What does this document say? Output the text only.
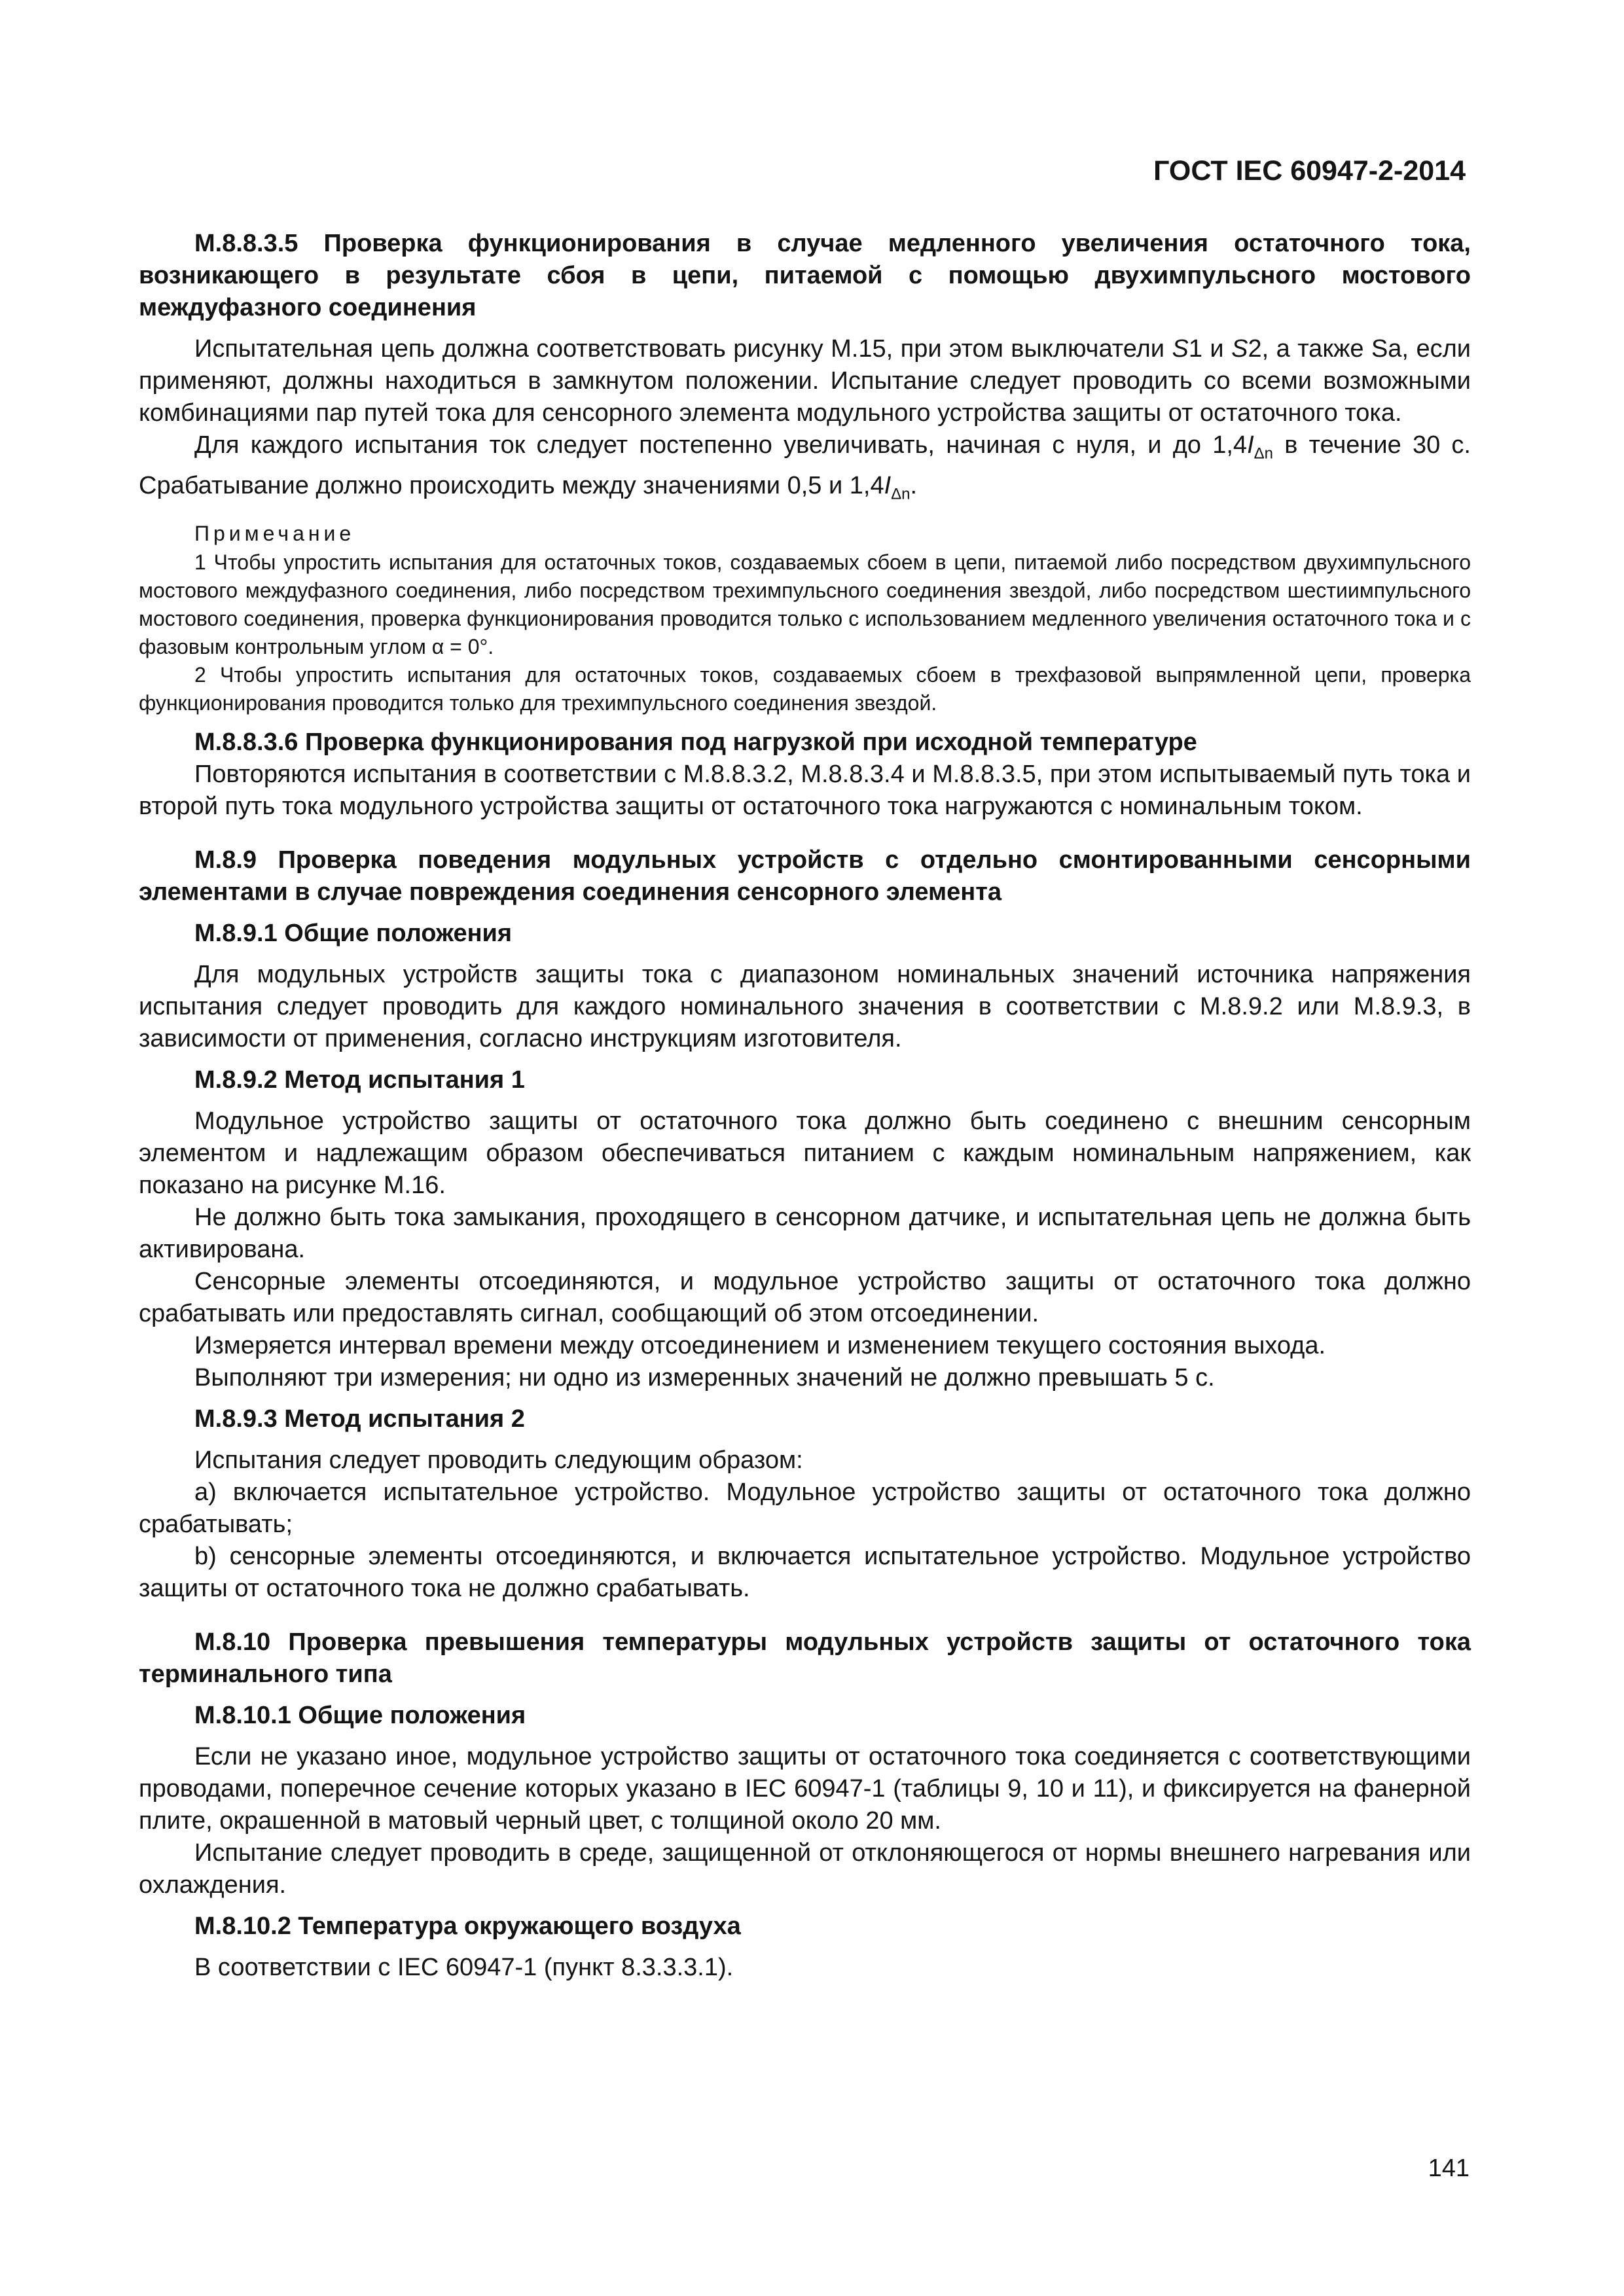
ГОСТ IEC 60947-2-2014

М.8.8.3.5 Проверка функционирования в случае медленного увеличения остаточного тока, возникающего в результате сбоя в цепи, питаемой с помощью двухимпульсного мостового междуфазного соединения

Испытательная цепь должна соответствовать рисунку М.15, при этом выключатели S1 и S2, а также Sa, если применяют, должны находиться в замкнутом положении. Испытание следует проводить со всеми возможными комбинациями пар путей тока для сенсорного элемента модульного устройства защиты от остаточного тока.

Для каждого испытания ток следует постепенно увеличивать, начиная с нуля, и до $1,4I_{\Delta n}$ в течение 30 с. Срабатывание должно происходить между значениями 0,5 и $1,4I_{\Delta n}$.

Примечание

1 Чтобы упростить испытания для остаточных токов, создаваемых сбоем в цепи, питаемой либо посредством двухимпульсного мостового междуфазного соединения, либо посредством трехимпульсного соединения звездой, либо посредством шестиимпульсного мостового соединения, проверка функционирования проводится только с использованием медленного увеличения остаточного тока и с фазовым контрольным углом α = 0°.

2 Чтобы упростить испытания для остаточных токов, создаваемых сбоем в трехфазовой выпрямленной цепи, проверка функционирования проводится только для трехимпульсного соединения звездой.

М.8.8.3.6 Проверка функционирования под нагрузкой при исходной температуре

Повторяются испытания в соответствии с М.8.8.3.2, М.8.8.3.4 и М.8.8.3.5, при этом испытываемый путь тока и второй путь тока модульного устройства защиты от остаточного тока нагружаются с номинальным током.

М.8.9 Проверка поведения модульных устройств с отдельно смонтированными сенсорными элементами в случае повреждения соединения сенсорного элемента

М.8.9.1 Общие положения

Для модульных устройств защиты тока с диапазоном номинальных значений источника напряжения испытания следует проводить для каждого номинального значения в соответствии с М.8.9.2 или М.8.9.3, в зависимости от применения, согласно инструкциям изготовителя.

М.8.9.2 Метод испытания 1

Модульное устройство защиты от остаточного тока должно быть соединено с внешним сенсорным элементом и надлежащим образом обеспечиваться питанием с каждым номинальным напряжением, как показано на рисунке М.16.

Не должно быть тока замыкания, проходящего в сенсорном датчике, и испытательная цепь не должна быть активирована.

Сенсорные элементы отсоединяются, и модульное устройство защиты от остаточного тока должно срабатывать или предоставлять сигнал, сообщающий об этом отсоединении.

Измеряется интервал времени между отсоединением и изменением текущего состояния выхода.

Выполняют три измерения; ни одно из измеренных значений не должно превышать 5 с.

М.8.9.3 Метод испытания 2

Испытания следует проводить следующим образом:

a) включается испытательное устройство. Модульное устройство защиты от остаточного тока должно срабатывать;

b) сенсорные элементы отсоединяются, и включается испытательное устройство. Модульное устройство защиты от остаточного тока не должно срабатывать.

М.8.10 Проверка превышения температуры модульных устройств защиты от остаточного тока терминального типа

М.8.10.1 Общие положения

Если не указано иное, модульное устройство защиты от остаточного тока соединяется с соответствующими проводами, поперечное сечение которых указано в IEC 60947-1 (таблицы 9, 10 и 11), и фиксируется на фанерной плите, окрашенной в матовый черный цвет, с толщиной около 20 мм.

Испытание следует проводить в среде, защищенной от отклоняющегося от нормы внешнего нагревания или охлаждения.

М.8.10.2 Температура окружающего воздуха

В соответствии с IEC 60947-1 (пункт 8.3.3.3.1).

141
